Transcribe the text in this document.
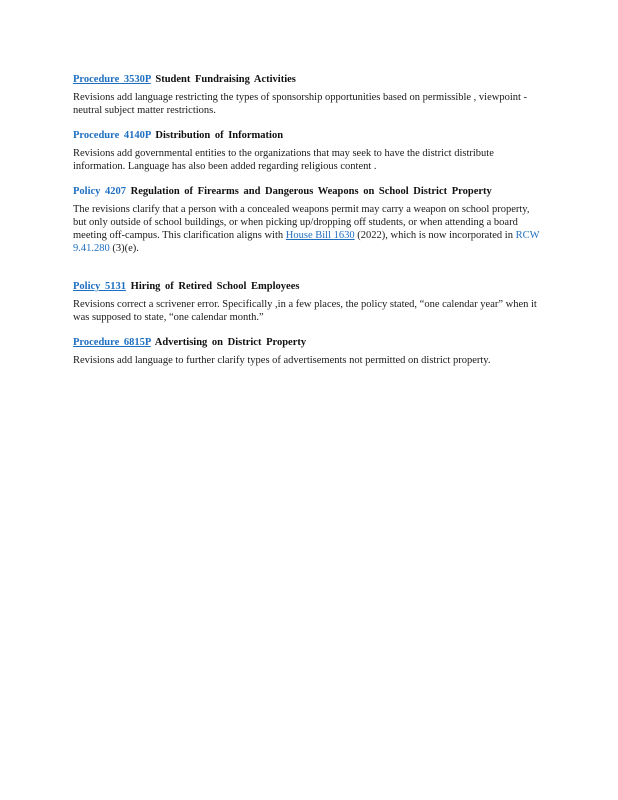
Procedure 3530P Student Fundraising Activities

Revisions add language restricting the types of sponsorship opportunities based on permissible , viewpoint -neutral subject matter restrictions.

Procedure 4140P Distribution of Information

Revisions add governmental entities to the organizations that may seek to have the district distribute information. Language has also been added regarding religious content .

Policy 4207 Regulation of Firearms and Dangerous Weapons on School District Property

The revisions clarify that a person with a concealed weapons permit may carry a weapon on school property, but only outside of school buildings, or when picking up/dropping off students, or when attending a board meeting off-campus. This clarification aligns with House Bill 1630 (2022), which is now incorporated in RCW 9.41.280 (3)(e).

Policy 5131 Hiring of Retired School Employees

Revisions correct a scrivener error. Specifically ,in a few places, the policy stated, “one calendar year” when it was supposed to state, “one calendar month.”

Procedure 6815P Advertising on District Property

Revisions add language to further clarify types of advertisements not permitted on district property.
